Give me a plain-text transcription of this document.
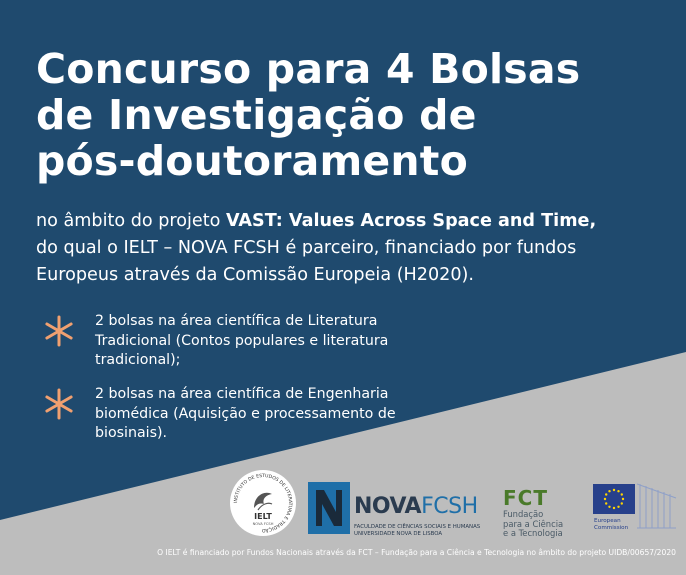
Concurso para 4 Bolsas
de Investigação de
pós-doutoramento
no âmbito do projeto VAST: Values Across Space and Time,
do qual o IELT – NOVA FCSH é parceiro, financiado por fundos
Europeus através da Comissão Europeia (H2020).
2 bolsas na área científica de Literatura
Tradicional (Contos populares e literatura
tradicional);
2 bolsas na área científica de Engenharia
biomédica (Aquisição e processamento de
biosinais).
INSTITUTO DE ESTUDOS DE LITERATURA E TRADIÇÃO
IELT
NOVA FCSH
NOVAFCSH
FACULDADE DE CIÊNCIAS SOCIAIS E HUMANAS
UNIVERSIDADE NOVA DE LISBOA
FCT
Fundação
para a Ciência
e a Tecnologia
European
Commission
O IELT é financiado por Fundos Nacionais através da FCT – Fundação para a Ciência e Tecnologia no âmbito do projeto UIDB/00657/2020
